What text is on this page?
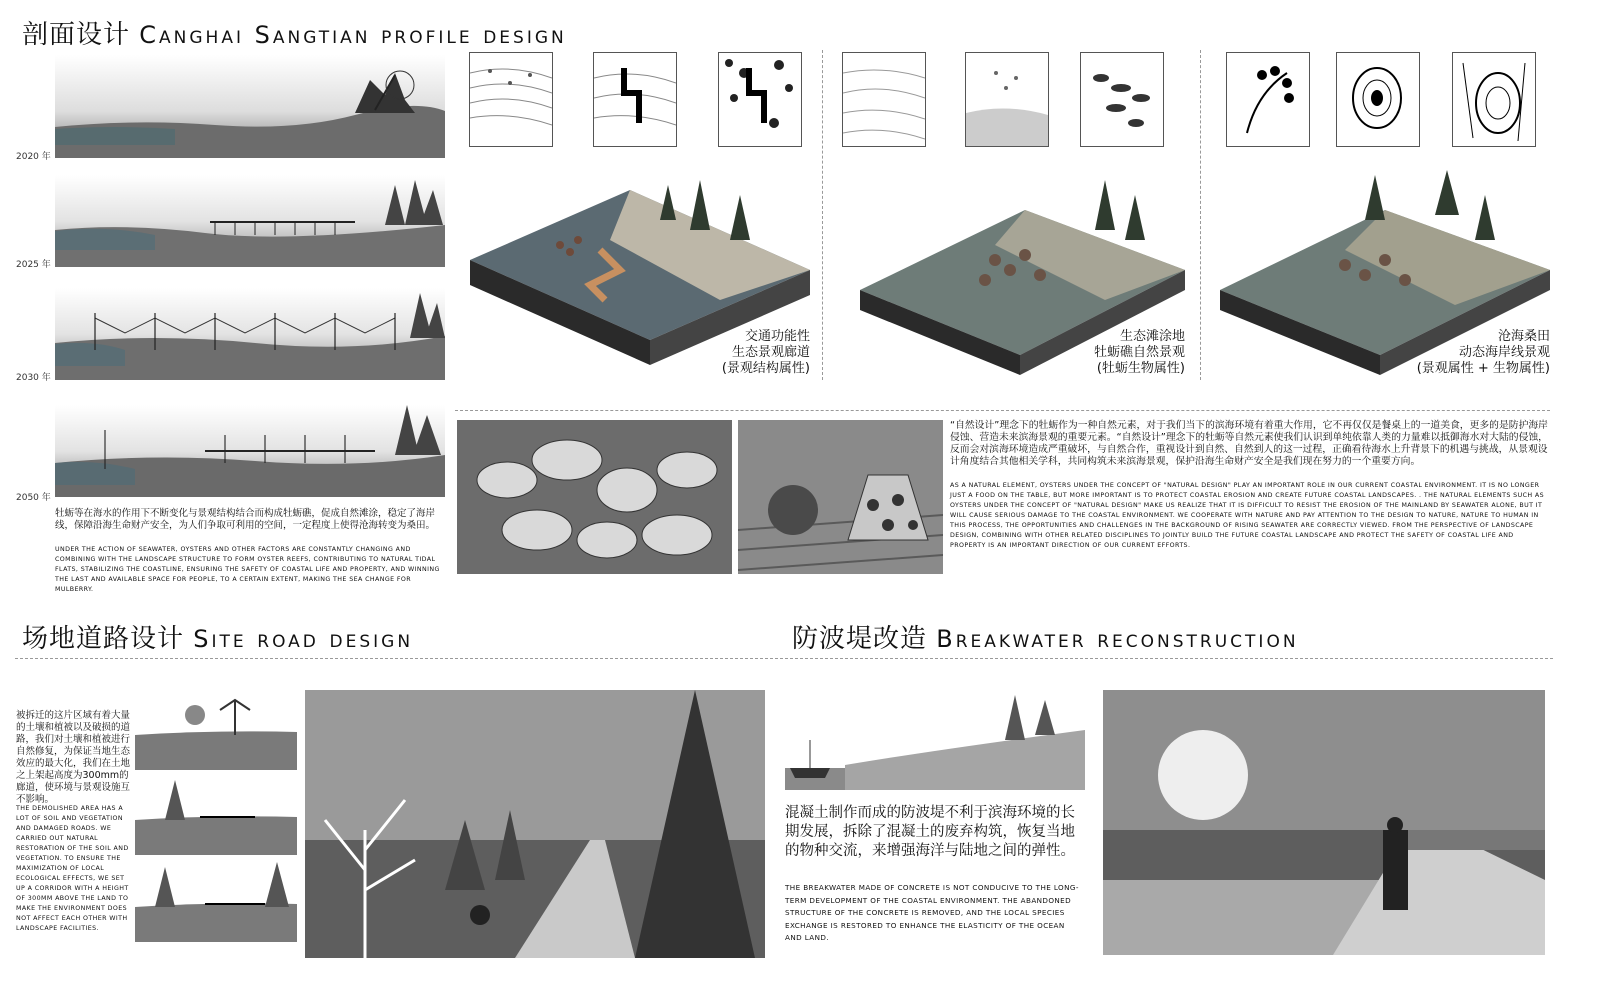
剖面设计 Canghai Sangtian profile design
2020 年
2025 年
2030 年
2050 年
牡蛎等在海水的作用下不断变化与景观结构结合而构成牡蛎礁，促成自然滩涂，稳定了海岸线，保障沿海生命财产安全，为人们争取可利用的空间，一定程度上使得沧海转变为桑田。
UNDER THE ACTION OF SEAWATER, OYSTERS AND OTHER FACTORS ARE CONSTANTLY CHANGING AND COMBINING WITH THE LANDSCAPE STRUCTURE TO FORM OYSTER REEFS, CONTRIBUTING TO NATURAL TIDAL FLATS, STABILIZING THE COASTLINE, ENSURING THE SAFETY OF COASTAL LIFE AND PROPERTY, AND WINNING THE LAST AND AVAILABLE SPACE FOR PEOPLE, TO A CERTAIN EXTENT, MAKING THE SEA CHANGE FOR MULBERRY.
交通功能性
生态景观廊道
(景观结构属性)
生态滩涂地
牡蛎礁自然景观
(牡蛎生物属性)
沧海桑田
动态海岸线景观
(景观属性 + 生物属性)
“自然设计”理念下的牡蛎作为一种自然元素，对于我们当下的滨海环境有着重大作用，它不再仅仅是餐桌上的一道美食，更多的是防护海岸侵蚀、营造未来滨海景观的重要元素。“自然设计”理念下的牡蛎等自然元素使我们认识到单纯依靠人类的力量难以抵御海水对大陆的侵蚀，反而会对滨海环境造成严重破坏，与自然合作，重视设计到自然、自然到人的这一过程，正确看待海水上升背景下的机遇与挑战，从景观设计角度结合其他相关学科，共同构筑未来滨海景观，保护沿海生命财产安全是我们现在努力的一个重要方向。
AS A NATURAL ELEMENT, OYSTERS UNDER THE CONCEPT OF "NATURAL DESIGN" PLAY AN IMPORTANT ROLE IN OUR CURRENT COASTAL ENVIRONMENT. IT IS NO LONGER JUST A FOOD ON THE TABLE, BUT MORE IMPORTANT IS TO PROTECT COASTAL EROSION AND CREATE FUTURE COASTAL LANDSCAPES. . THE NATURAL ELEMENTS SUCH AS OYSTERS UNDER THE CONCEPT OF "NATURAL DESIGN" MAKE US REALIZE THAT IT IS DIFFICULT TO RESIST THE EROSION OF THE MAINLAND BY SEAWATER ALONE, BUT IT WILL CAUSE SERIOUS DAMAGE TO THE COASTAL ENVIRONMENT. WE COOPERATE WITH NATURE AND PAY ATTENTION TO THE DESIGN TO NATURE, NATURE TO HUMAN IN THIS PROCESS, THE OPPORTUNITIES AND CHALLENGES IN THE BACKGROUND OF RISING SEAWATER ARE CORRECTLY VIEWED. FROM THE PERSPECTIVE OF LANDSCAPE DESIGN, COMBINING WITH OTHER RELATED DISCIPLINES TO JOINTLY BUILD THE FUTURE COASTAL LANDSCAPE AND PROTECT THE SAFETY OF COASTAL LIFE AND PROPERTY IS AN IMPORTANT DIRECTION OF OUR CURRENT EFFORTS.
场地道路设计 Site road design	防波堤改造 Breakwater reconstruction
被拆迁的这片区域有着大量的土壤和植被以及破损的道路，我们对土壤和植被进行自然修复，为保证当地生态效应的最大化，我们在土地之上架起高度为300mm的廊道，使环境与景观设施互不影响。
THE DEMOLISHED AREA HAS A LOT OF SOIL AND VEGETATION AND DAMAGED ROADS. WE CARRIED OUT NATURAL RESTORATION OF THE SOIL AND VEGETATION. TO ENSURE THE MAXIMIZATION OF LOCAL ECOLOGICAL EFFECTS, WE SET UP A CORRIDOR WITH A HEIGHT OF 300MM ABOVE THE LAND TO MAKE THE ENVIRONMENT DOES NOT AFFECT EACH OTHER WITH LANDSCAPE FACILITIES.
混凝土制作而成的防波堤不利于滨海环境的长期发展，拆除了混凝土的废弃构筑，恢复当地的物种交流，来增强海洋与陆地之间的弹性。
THE BREAKWATER MADE OF CONCRETE IS NOT CONDUCIVE TO THE LONG-TERM DEVELOPMENT OF THE COASTAL ENVIRONMENT. THE ABANDONED STRUCTURE OF THE CONCRETE IS REMOVED, AND THE LOCAL SPECIES EXCHANGE IS RESTORED TO ENHANCE THE ELASTICITY OF THE OCEAN AND LAND.
